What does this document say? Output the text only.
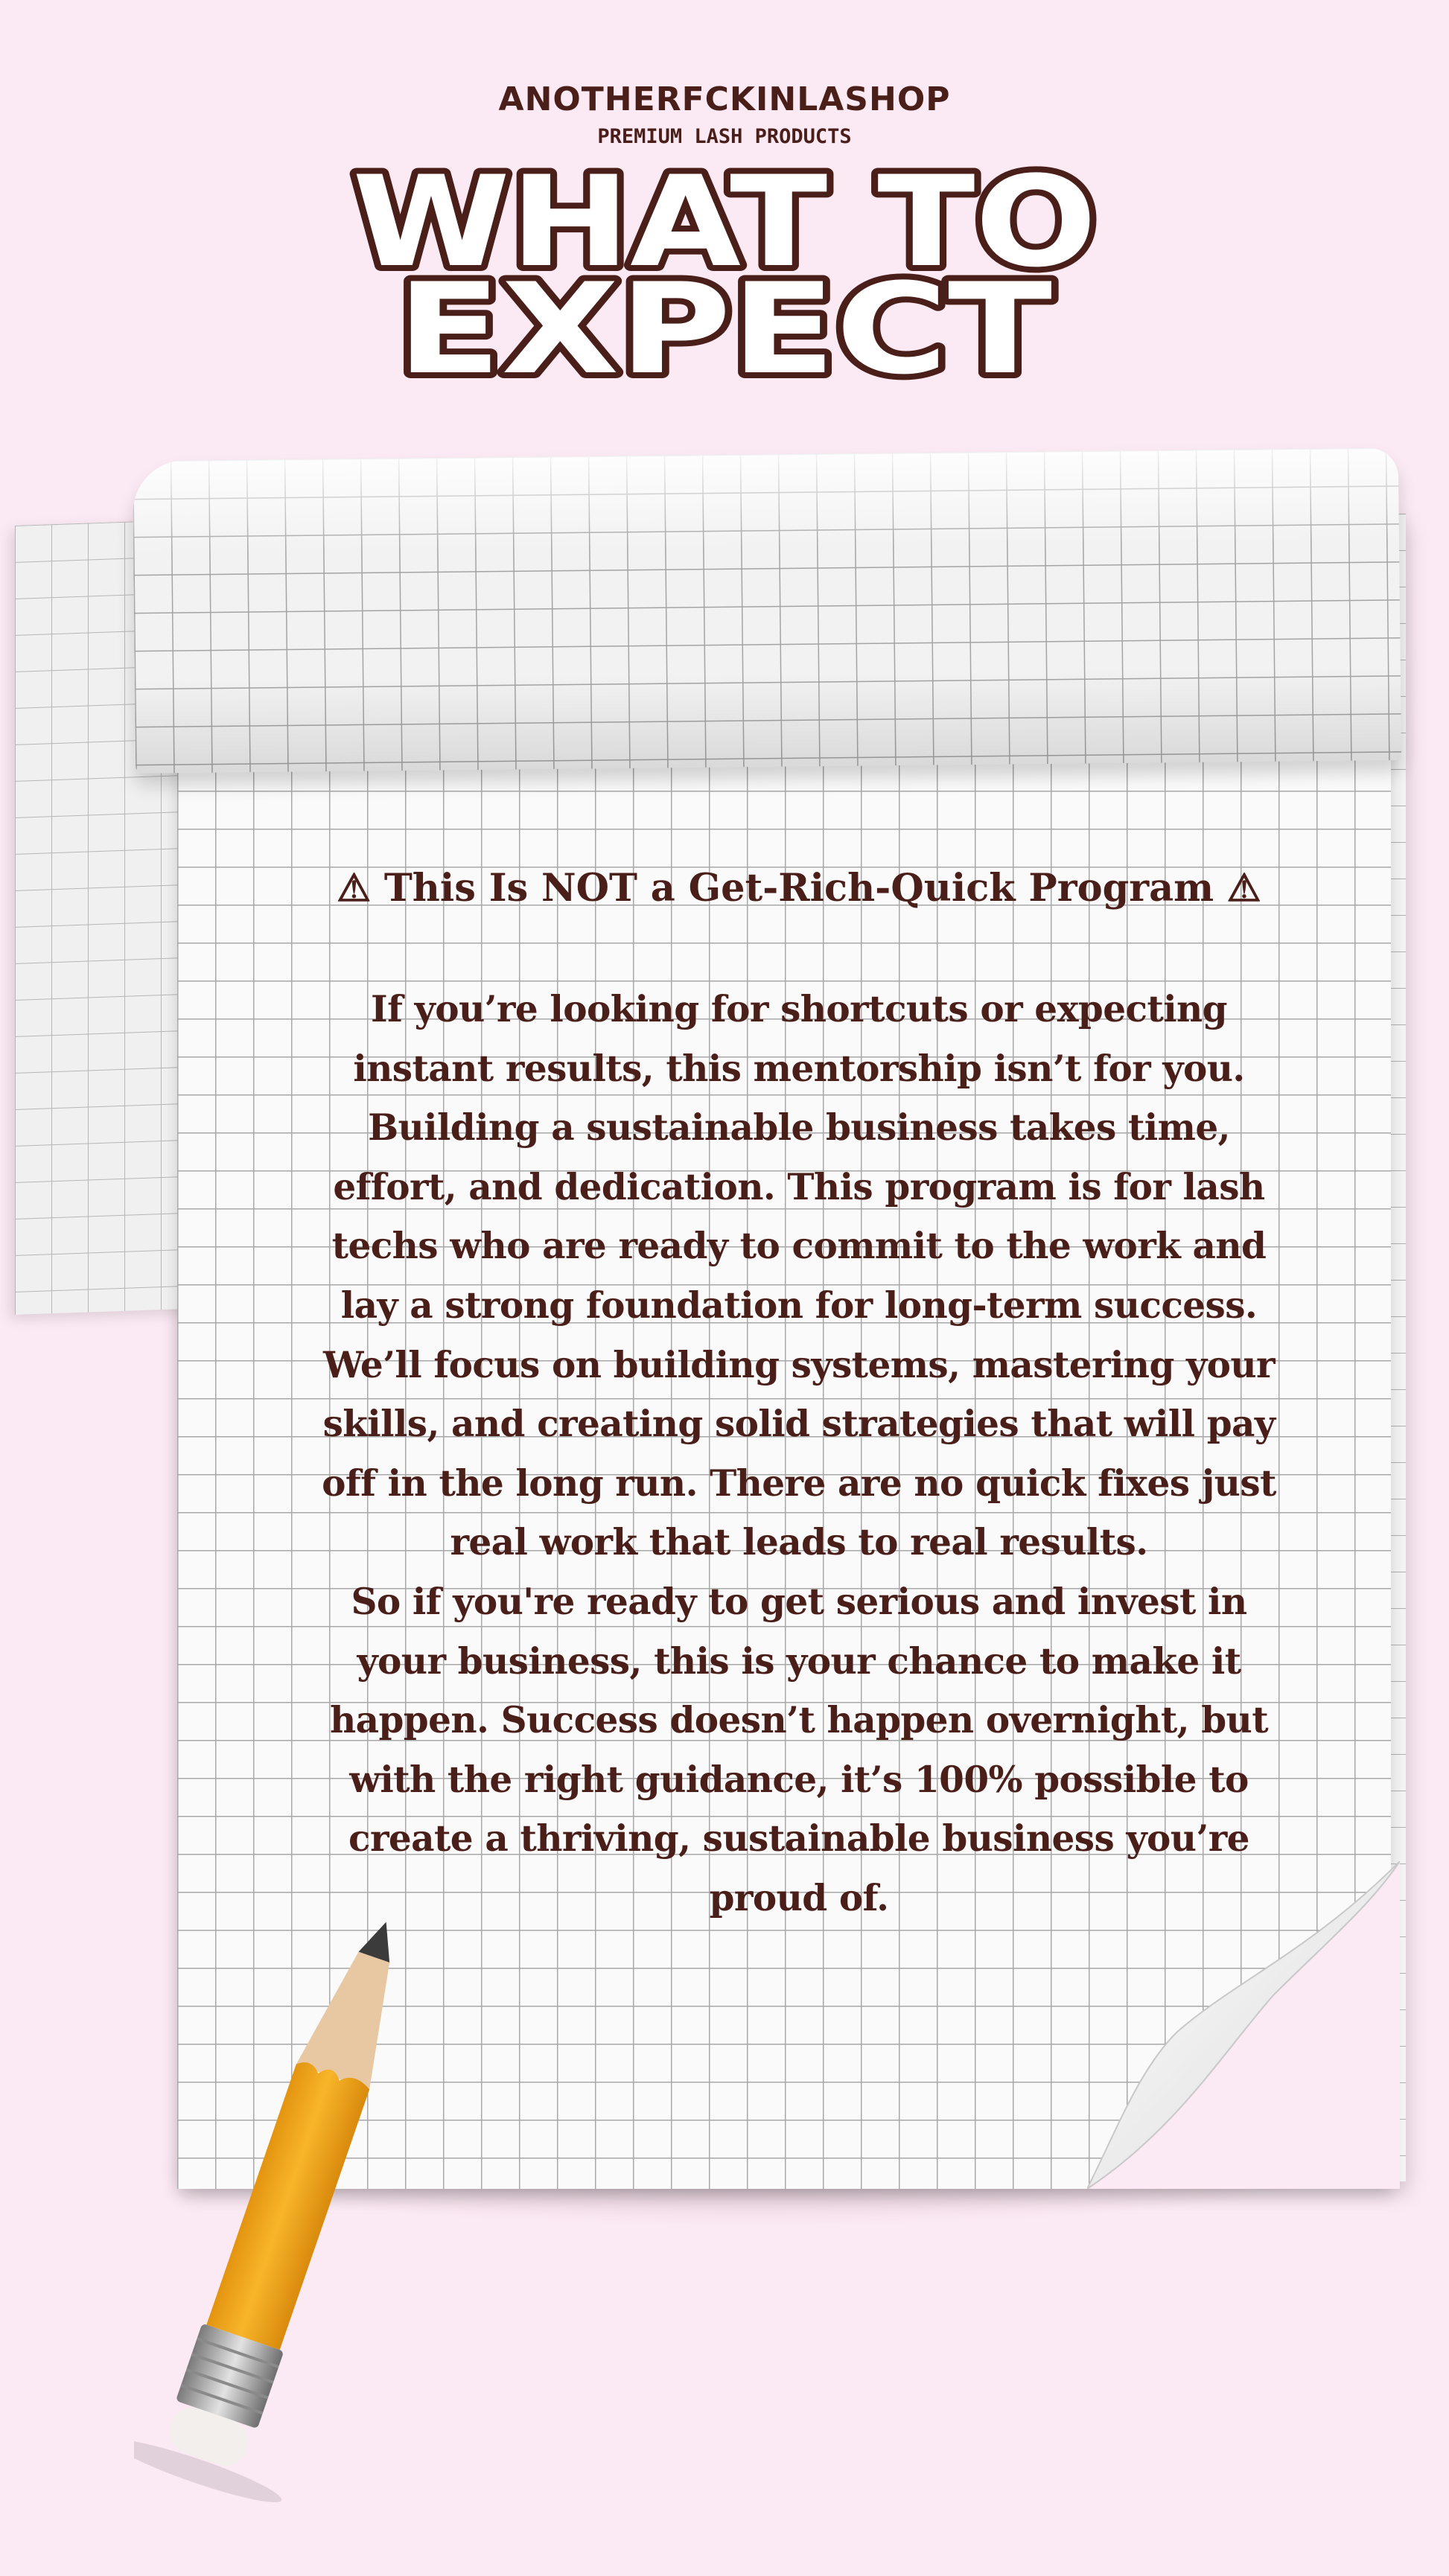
ANOTHERFCKINLASHOP
PREMIUM LASH PRODUCTS
WHAT TO
EXPECT
⚠ This Is NOT a Get-Rich-Quick Program ⚠
If you’re looking for shortcuts or expecting
instant results, this mentorship isn’t for you.
Building a sustainable business takes time,
effort, and dedication. This program is for lash
techs who are ready to commit to the work and
lay a strong foundation for long-term success.
We’ll focus on building systems, mastering your
skills, and creating solid strategies that will pay
off in the long run. There are no quick fixes just
real work that leads to real results.
So if you're ready to get serious and invest in
your business, this is your chance to make it
happen. Success doesn’t happen overnight, but
with the right guidance, it’s 100% possible to
create a thriving, sustainable business you’re
proud of.
